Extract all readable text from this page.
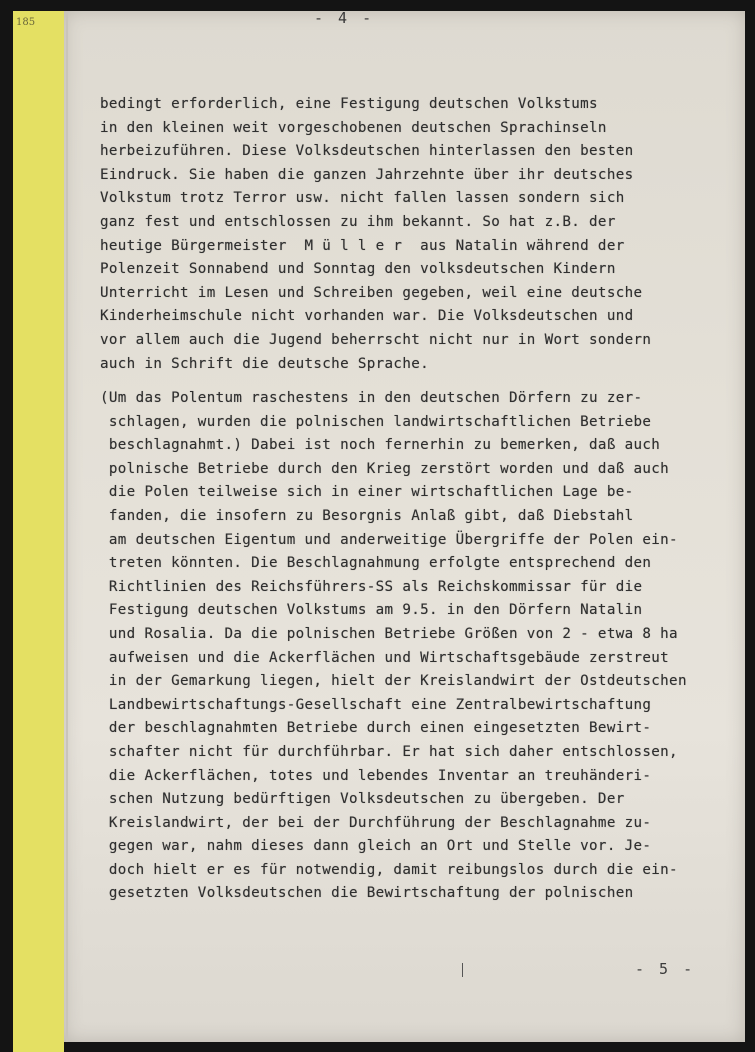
185	- 4 -
bedingt erforderlich, eine Festigung deutschen Volkstums
in den kleinen weit vorgeschobenen deutschen Sprachinseln
herbeizuführen. Diese Volksdeutschen hinterlassen den besten
Eindruck. Sie haben die ganzen Jahrzehnte über ihr deutsches
Volkstum trotz Terror usw. nicht fallen lassen sondern sich
ganz fest und entschlossen zu ihm bekannt. So hat z.B. der
heutige Bürgermeister  M ü l l e r  aus Natalin während der
Polenzeit Sonnabend und Sonntag den volksdeutschen Kindern
Unterricht im Lesen und Schreiben gegeben, weil eine deutsche
Kinderheimschule nicht vorhanden war. Die Volksdeutschen und
vor allem auch die Jugend beherrscht nicht nur in Wort sondern
auch in Schrift die deutsche Sprache.
(Um das Polentum raschestens in den deutschen Dörfern zu zer-
schlagen, wurden die polnischen landwirtschaftlichen Betriebe
beschlagnahmt.) Dabei ist noch fernerhin zu bemerken, daß auch
polnische Betriebe durch den Krieg zerstört worden und daß auch
die Polen teilweise sich in einer wirtschaftlichen Lage be-
fanden, die insofern zu Besorgnis Anlaß gibt, daß Diebstahl
am deutschen Eigentum und anderweitige Übergriffe der Polen ein-
treten könnten. Die Beschlagnahmung erfolgte entsprechend den
Richtlinien des Reichsführers-SS als Reichskommissar für die
Festigung deutschen Volkstums am 9.5. in den Dörfern Natalin
und Rosalia. Da die polnischen Betriebe Größen von 2 - etwa 8 ha
aufweisen und die Ackerflächen und Wirtschaftsgebäude zerstreut
in der Gemarkung liegen, hielt der Kreislandwirt der Ostdeutschen
Landbewirtschaftungs-Gesellschaft eine Zentralbewirtschaftung
der beschlagnahmten Betriebe durch einen eingesetzten Bewirt-
schafter nicht für durchführbar. Er hat sich daher entschlossen,
die Ackerflächen, totes und lebendes Inventar an treuhänderi-
schen Nutzung bedürftigen Volksdeutschen zu übergeben. Der
Kreislandwirt, der bei der Durchführung der Beschlagnahme zu-
gegen war, nahm dieses dann gleich an Ort und Stelle vor. Je-
doch hielt er es für notwendig, damit reibungslos durch die ein-
gesetzten Volksdeutschen die Bewirtschaftung der polnischen
- 5 -
